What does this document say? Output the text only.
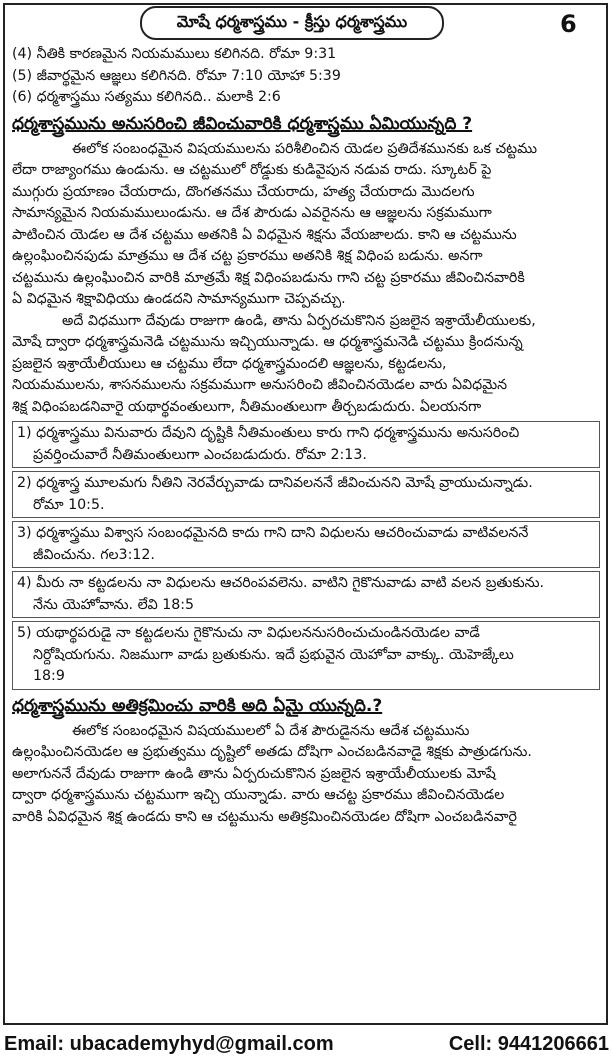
మోషే ధర్మశాస్త్రము - క్రీస్తు ధర్మశాస్త్రము	6
(4) నీతికి కారణమైన నియమములు కలిగినది. రోమా 9:31
(5) జీవార్థమైన ఆజ్ఞలు కలిగినది. రోమా 7:10 యోహా 5:39
(6) ధర్మశాస్త్రము సత్యము కలిగినది.. మలాకి 2:6
ధర్మశాస్త్రమును అనుసరించి జీవించువారికి ధర్మశాస్త్రము ఏమియున్నది ?
ఈలోక సంబంధమైన విషయములను పరిశీలించిన యెడల ప్రతిదేశమునకు ఒక చట్టము
లేదా రాజ్యాంగము ఉండును. ఆ చట్టములో రోడ్డుకు కుడివైపున నడువ రాదు. స్కూటర్ పై
ముగ్గురు ప్రయాణం చేయరాదు, దొంగతనము చేయరాదు, హత్య చేయరాదు మొదలగు
సామాన్యమైన నియమములుండును. ఆ దేశ పౌరుడు ఎవరైనను ఆ ఆజ్ఞలను సక్రమముగా
పాటించిన యెడల ఆ దేశ చట్టము అతనికి ఏ విధమైన శిక్షను వేయజాలదు. కాని ఆ చట్టమును
ఉల్లంఘించినపుడు మాత్రము ఆ దేశ చట్ట ప్రకారము అతనికి శిక్ష విధింప బడును. అనగా
చట్టమును ఉల్లంఘించిన వారికి మాత్రమే శిక్ష విధింపబడును గాని చట్ట ప్రకారము జీవించినవారికి
ఏ విధమైన శిక్షావిధియు ఉండదని సామాన్యముగా చెప్పవచ్చు.
అదే విధముగా దేవుడు రాజుగా ఉండి, తాను ఏర్పరచుకొనిన ప్రజలైన ఇశ్రాయేలీయులకు,
మోషే ద్వారా ధర్మశాస్త్రమనెడి చట్టమును ఇచ్చియున్నాడు. ఆ ధర్మశాస్త్రమనెడి చట్టము క్రిందనున్న
ప్రజలైన ఇశ్రాయేలీయులు ఆ చట్టము లేదా ధర్మశాస్త్రమందలి ఆజ్ఞలను, కట్టడలను,
నియమములను, శాసనములను సక్రమముగా అనుసరించి జీవించినయెడల వారు ఏవిధమైన
శిక్ష విధింపబడనివారై యథార్థవంతులుగా, నీతిమంతులుగా తీర్చబడుదురు. ఏలయనగా
1) ధర్మశాస్త్రము వినువారు దేవుని దృష్టికి నీతిమంతులు కారు గాని ధర్మశాస్త్రమును అనుసరించి
ప్రవర్తించువారే నీతిమంతులుగా ఎంచబడుదురు. రోమా 2:13.
2) ధర్మశాస్త్ర మూలమగు నీతిని నెరవేర్చువాడు దానివలననే జీవించునని మోషే వ్రాయుచున్నాడు.
రోమా 10:5.
3) ధర్మశాస్త్రము విశ్వాస సంబంధమైనది కాదు గాని దాని విధులను ఆచరించువాడు వాటివలననే
జీవించును. గల3:12.
4) మీరు నా కట్టడలను నా విధులను ఆచరింపవలెను. వాటిని గైకొనువాడు వాటి వలన బ్రతుకును.
నేను యెహోవాను. లేవి 18:5
5) యథార్థపరుడై నా కట్టడలను గైకొనుచు నా విధులననుసరించుచుండినయెడల వాడే
నిర్దోషియగును. నిజముగా వాడు బ్రతుకును. ఇదే ప్రభువైన యెహోవా వాక్కు. యెహెజ్కేలు
18:9
ధర్మశాస్త్రమును అతిక్రమించు వారికి అది ఏమై యున్నది.?
ఈలోక సంబంధమైన విషయములలో ఏ దేశ పౌరుడైనను ఆదేశ చట్టమును
ఉల్లంఘించినయెడల ఆ ప్రభుత్వము దృష్టిలో అతడు దోషిగా ఎంచబడినవాడై శిక్షకు పాత్రుడగును.
అలాగుననే దేవుడు రాజుగా ఉండి తాను ఏర్పరుచుకొనిన ప్రజలైన ఇశ్రాయేలీయులకు మోషే
ద్వారా ధర్మశాస్త్రమును చట్టముగా ఇచ్చి యున్నాడు. వారు ఆచట్ట ప్రకారము జీవించినయెడల
వారికి ఏవిధమైన శిక్ష ఉండదు కాని ఆ చట్టమును అతిక్రమించినయెడల దోషిగా ఎంచబడినవారై
Email: ubacademyhyd@gmail.com	Cell: 9441206661
